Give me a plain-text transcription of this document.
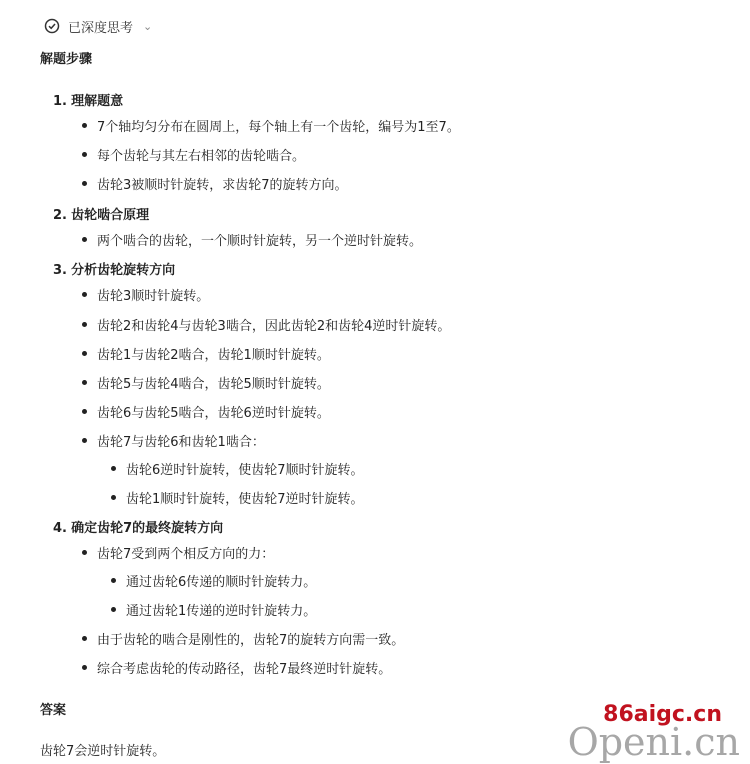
已深度思考 ⌄
解题步骤
1. 理解题意
7个轴均匀分布在圆周上，每个轴上有一个齿轮，编号为1至7。
每个齿轮与其左右相邻的齿轮啮合。
齿轮3被顺时针旋转，求齿轮7的旋转方向。
2. 齿轮啮合原理
两个啮合的齿轮，一个顺时针旋转，另一个逆时针旋转。
3. 分析齿轮旋转方向
齿轮3顺时针旋转。
齿轮2和齿轮4与齿轮3啮合，因此齿轮2和齿轮4逆时针旋转。
齿轮1与齿轮2啮合，齿轮1顺时针旋转。
齿轮5与齿轮4啮合，齿轮5顺时针旋转。
齿轮6与齿轮5啮合，齿轮6逆时针旋转。
齿轮7与齿轮6和齿轮1啮合：
齿轮6逆时针旋转，使齿轮7顺时针旋转。
齿轮1顺时针旋转，使齿轮7逆时针旋转。
4. 确定齿轮7的最终旋转方向
齿轮7受到两个相反方向的力：
通过齿轮6传递的顺时针旋转力。
通过齿轮1传递的逆时针旋转力。
由于齿轮的啮合是刚性的，齿轮7的旋转方向需一致。
综合考虑齿轮的传动路径，齿轮7最终逆时针旋转。
答案
齿轮7会逆时针旋转。
86aigc.cn
Openi.cn
